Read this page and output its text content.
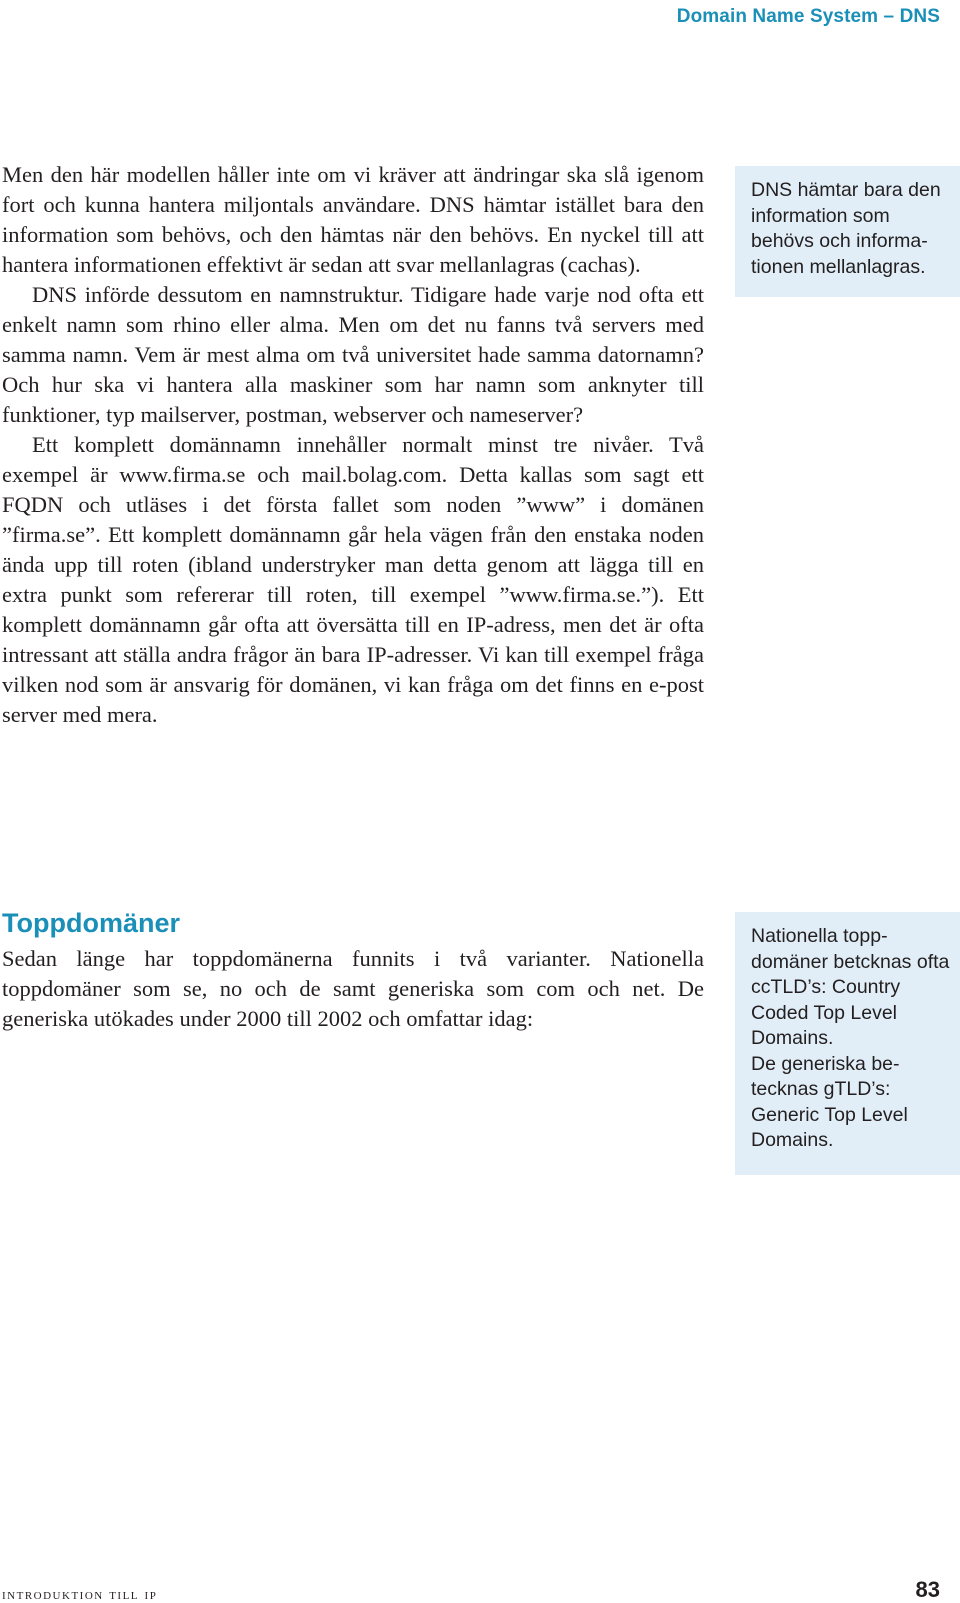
Domain Name System – DNS

Men den här modellen håller inte om vi kräver att ändringar ska slå igenom fort och kunna hantera miljontals användare. DNS hämtar istället bara den information som behövs, och den hämtas när den behövs. En nyckel till att hantera informationen effektivt är sedan att svar mellanlagras (cachas).

DNS införde dessutom en namnstruktur. Tidigare hade varje nod ofta ett enkelt namn som rhino eller alma. Men om det nu fanns två servers med samma namn. Vem är mest alma om två universitet hade samma datornamn? Och hur ska vi hantera alla maskiner som har namn som anknyter till funktioner, typ mailserver, postman, webserver och nameserver?

Ett komplett domännamn innehåller normalt minst tre nivåer. Två exempel är www.firma.se och mail.bolag.com. Detta kallas som sagt ett FQDN och utläses i det första fallet som noden ”www” i domänen ”firma.se”. Ett komplett domännamn går hela vägen från den enstaka noden ända upp till roten (ibland understryker man detta genom att lägga till en extra punkt som refererar till roten, till exempel ”www.firma.se.”). Ett komplett domännamn går ofta att översätta till en IP-adress, men det är ofta intressant att ställa andra frågor än bara IP-adresser. Vi kan till exempel fråga vilken nod som är ansvarig för domänen, vi kan fråga om det finns en e-post server med mera.

DNS hämtar bara den information som behövs och informationen mellanlagras.

Toppdomäner

Sedan länge har toppdomänerna funnits i två varianter. Nationella toppdomäner som se, no och de samt generiska som com och net. De generiska utökades under 2000 till 2002 och omfattar idag:

Nationella toppdomäner betcknas ofta ccTLD’s: Country Coded Top Level Domains.

De generiska betecknas gTLD’s: Generic Top Level Domains.

introduktion till ip	83
